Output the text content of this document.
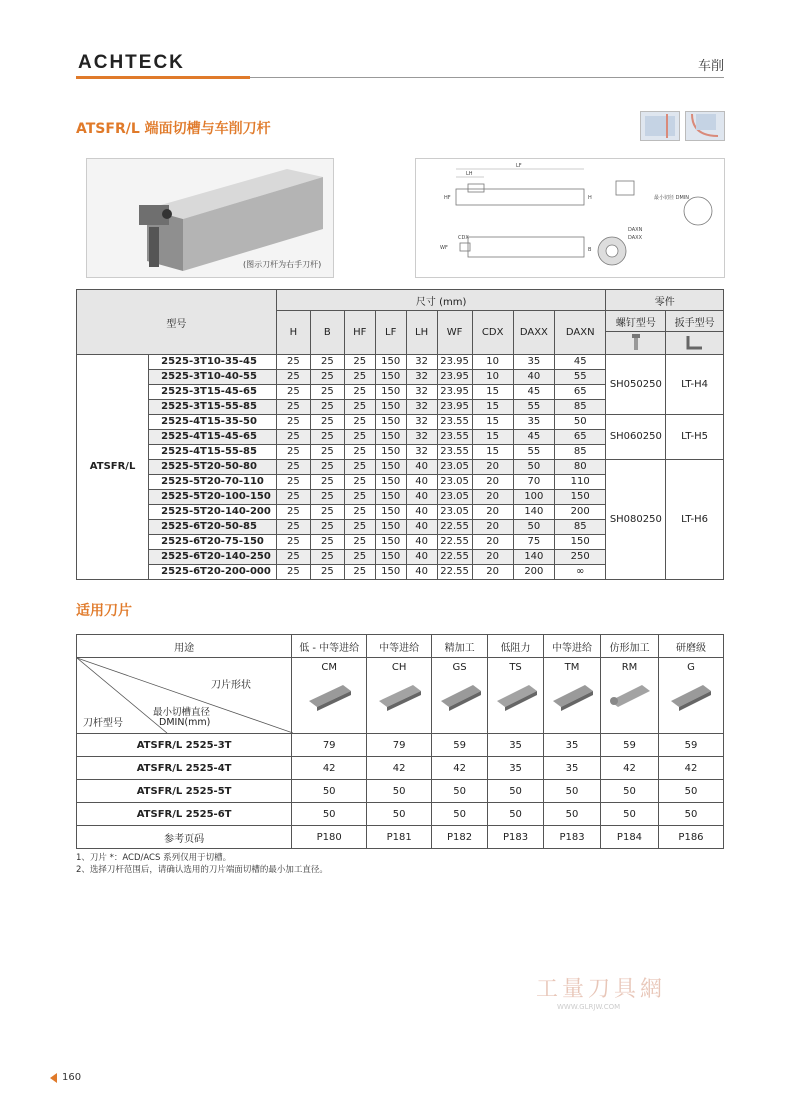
ACHTECK	车削
ATSFR/L 端面切槽与车削刀杆
(图示刀杆为右手刀杆)
LF
LH
HF	H
WF
CDX
B
最小切径 DMIN
DAXN
DAXX
型号		尺寸 (mm)									零件	
		H	B	HF	LF	LH	WF	CDX	DAXX	DAXN	螺钉型号	扳手型号

ATSFR/L	2525-3T10-35-45	25	25	25	150	32	23.95	10	35	45	SH050250	LT-H4
	2525-3T10-40-55	25	25	25	150	32	23.95	10	40	55		
	2525-3T15-45-65	25	25	25	150	32	23.95	15	45	65		
	2525-3T15-55-85	25	25	25	150	32	23.95	15	55	85		
	2525-4T15-35-50	25	25	25	150	32	23.55	15	35	50	SH060250	LT-H5
	2525-4T15-45-65	25	25	25	150	32	23.55	15	45	65		
	2525-4T15-55-85	25	25	25	150	32	23.55	15	55	85		
	2525-5T20-50-80	25	25	25	150	40	23.05	20	50	80	SH080250	LT-H6
	2525-5T20-70-110	25	25	25	150	40	23.05	20	70	110		
	2525-5T20-100-150	25	25	25	150	40	23.05	20	100	150		
	2525-5T20-140-200	25	25	25	150	40	23.05	20	140	200		
	2525-6T20-50-85	25	25	25	150	40	22.55	20	50	85		
	2525-6T20-75-150	25	25	25	150	40	22.55	20	75	150		
	2525-6T20-140-250	25	25	25	150	40	22.55	20	140	250		
	2525-6T20-200-000	25	25	25	150	40	22.55	20	200	∞		
适用刀片
用途	低 - 中等进给	中等进给	精加工	低阻力	中等进给	仿形加工	研磨级

刀片形状
最小切槽直径
DMIN(mm)
刀杆型号	CM	CH	GS	TS	TM	RM	G

ATSFR/L 2525-3T	79	79	59	35	35	59	59
ATSFR/L 2525-4T	42	42	42	35	35	42	42
ATSFR/L 2525-5T	50	50	50	50	50	50	50
ATSFR/L 2525-6T	50	50	50	50	50	50	50
参考页码	P180	P181	P182	P183	P183	P184	P186
1、刀片 *：ACD/ACS 系列仅用于切槽。
2、选择刀杆范围后，请确认选用的刀片端面切槽的最小加工直径。
工量刀具網
WWW.GLRJW.COM
160
